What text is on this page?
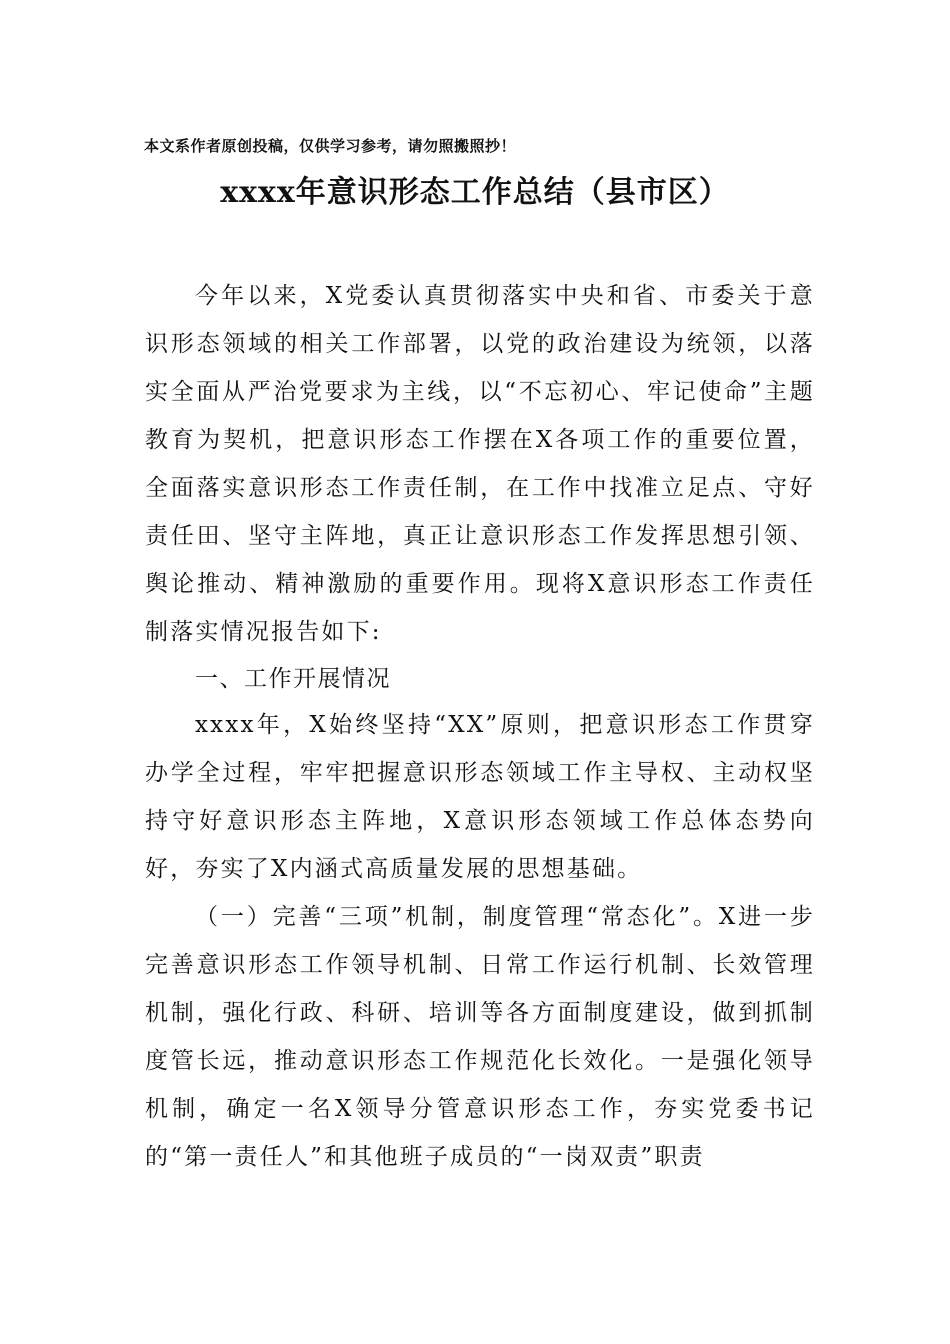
本文系作者原创投稿，仅供学习参考，请勿照搬照抄！
xxxx年意识形态工作总结（县市区）

今年以来，X党委认真贯彻落实中央和省、市委关于意识形态领域的相关工作部署，以党的政治建设为统领，以落实全面从严治党要求为主线，以“不忘初心、牢记使命”主题教育为契机，把意识形态工作摆在X各项工作的重要位置，全面落实意识形态工作责任制，在工作中找准立足点、守好责任田、坚守主阵地，真正让意识形态工作发挥思想引领、舆论推动、精神激励的重要作用。现将X意识形态工作责任制落实情况报告如下:

一、工作开展情况

xxxx年，X始终坚持“XX”原则，把意识形态工作贯穿办学全过程，牢牢把握意识形态领域工作主导权、主动权坚持守好意识形态主阵地，X意识形态领域工作总体态势向好，夯实了X内涵式高质量发展的思想基础。

（一）完善“三项”机制，制度管理“常态化”。X进一步完善意识形态工作领导机制、日常工作运行机制、长效管理机制，强化行政、科研、培训等各方面制度建设，做到抓制度管长远，推动意识形态工作规范化长效化。一是强化领导机制，确定一名X领导分管意识形态工作，夯实党委书记的“第一责任人”和其他班子成员的“一岗双责”职责
